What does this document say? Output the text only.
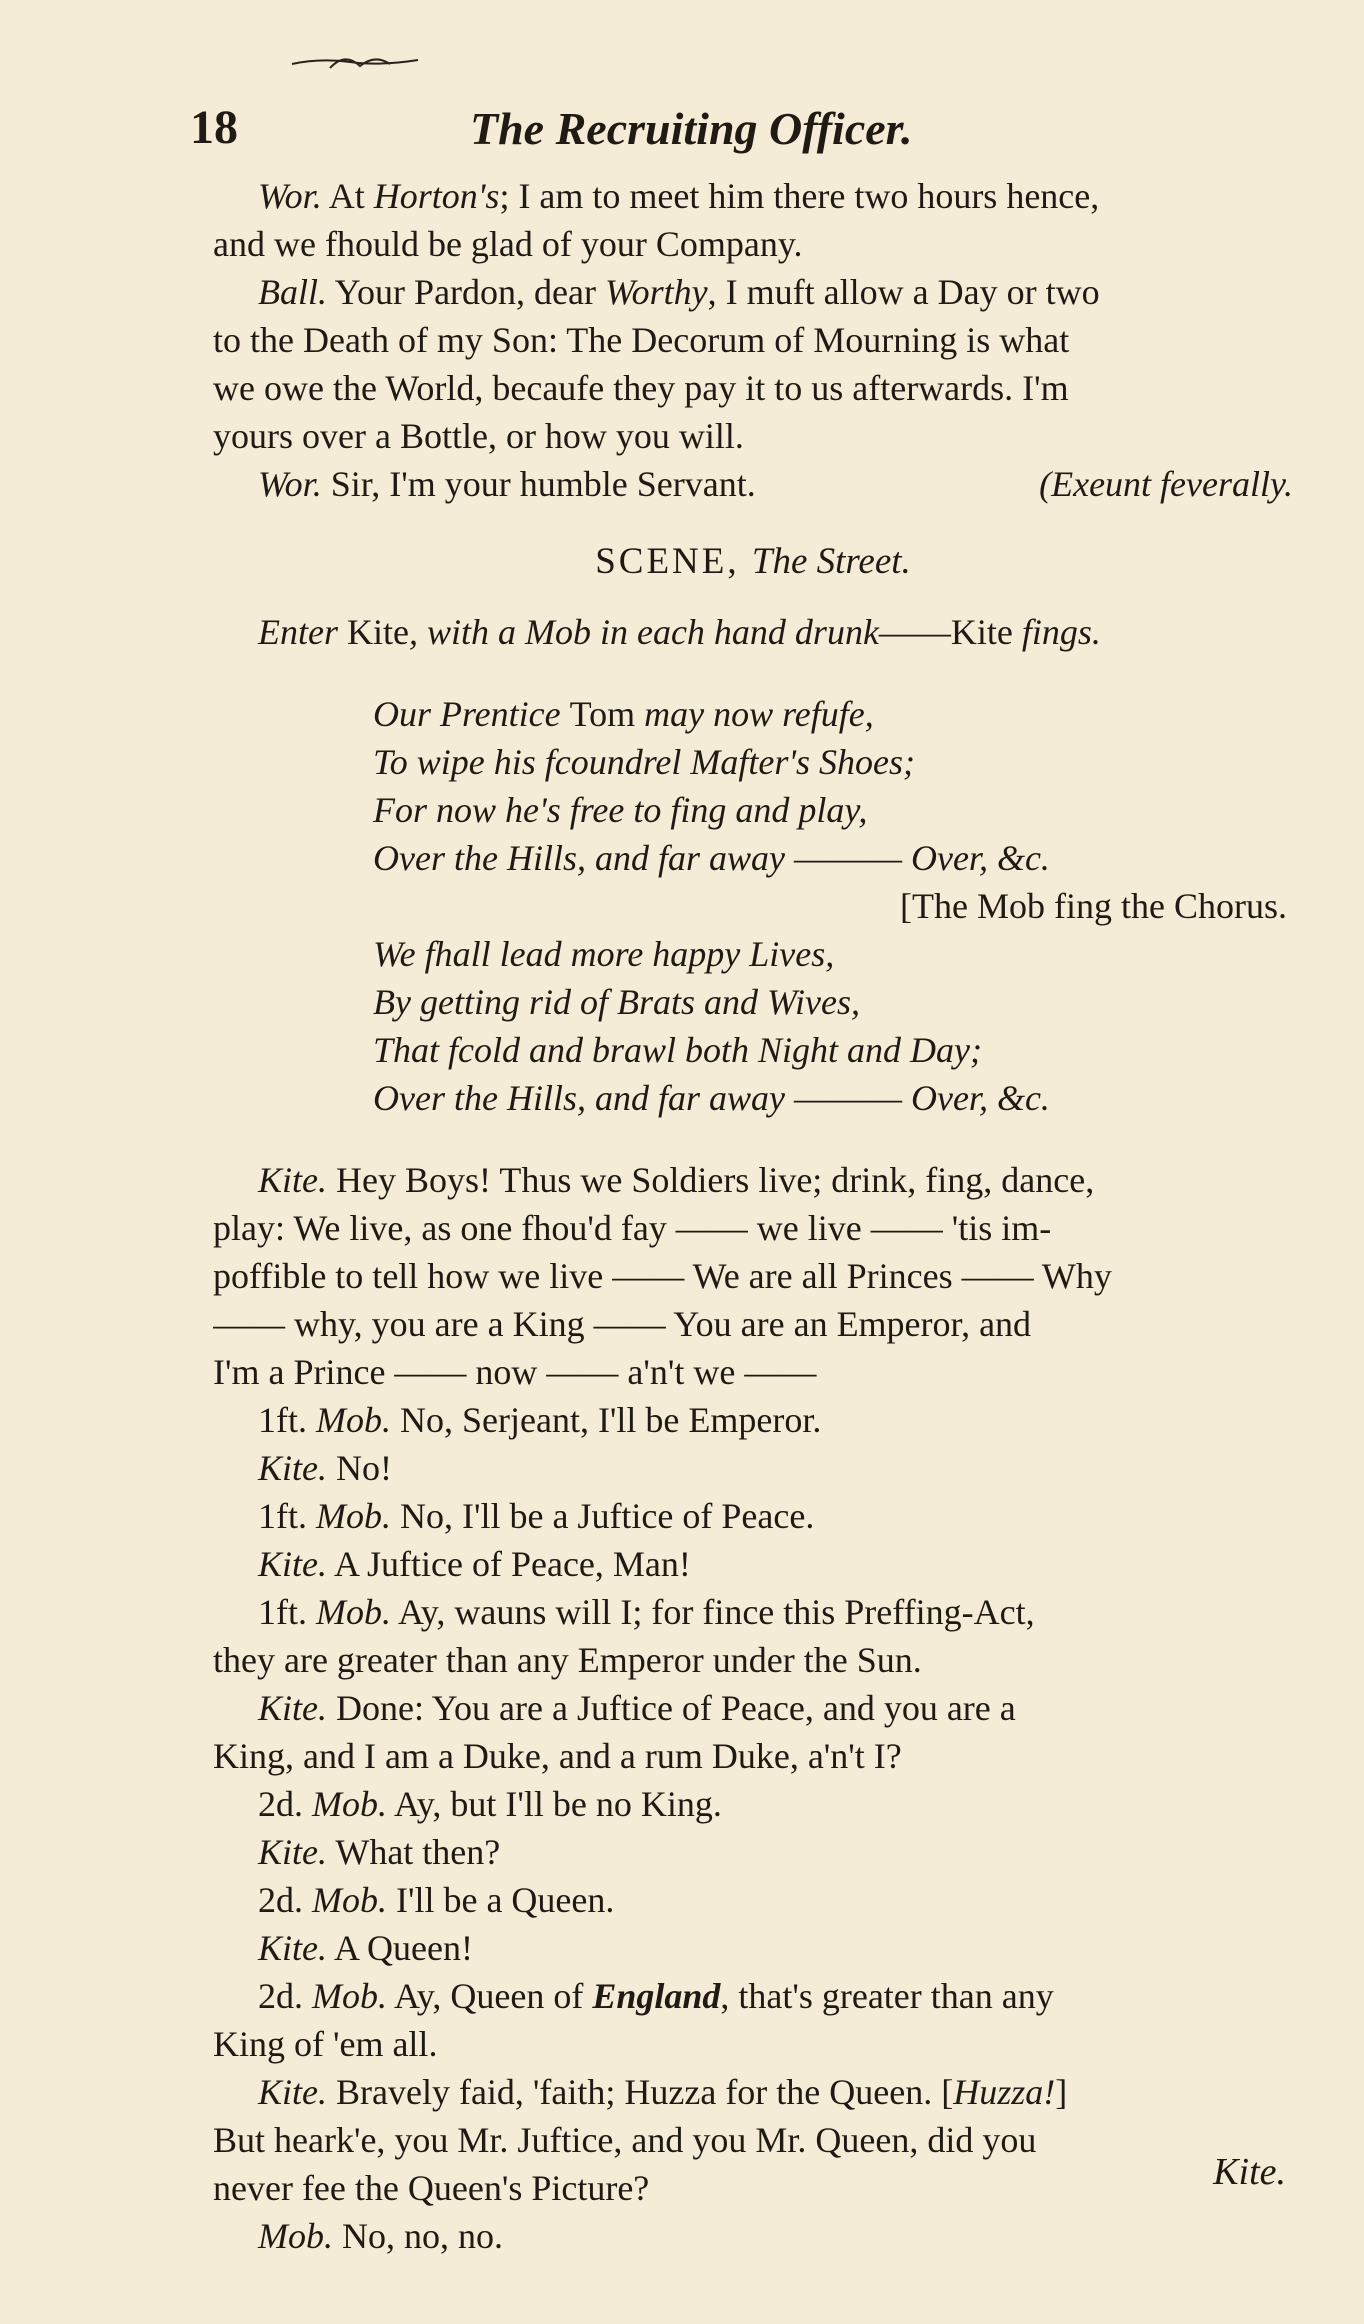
18	The Recruiting Officer.
Wor. At Horton's; I am to meet him there two hours hence,
and we fhould be glad of your Company.
Ball. Your Pardon, dear Worthy, I muft allow a Day or two
to the Death of my Son: The Decorum of Mourning is what
we owe the World, becaufe they pay it to us afterwards. I'm
yours over a Bottle, or how you will.
Wor. Sir, I'm your humble Servant.	(Exeunt feverally.
SCENE, The Street.
Enter Kite, with a Mob in each hand drunk——Kite fings.
Our Prentice Tom may now refufe,
To wipe his fcoundrel Mafter's Shoes;
For now he's free to fing and play,
Over the Hills, and far away ——— Over, &c.
[The Mob fing the Chorus.
We fhall lead more happy Lives,
By getting rid of Brats and Wives,
That fcold and brawl both Night and Day;
Over the Hills, and far away ——— Over, &c.
Kite. Hey Boys! Thus we Soldiers live; drink, fing, dance,
play: We live, as one fhou'd fay —— we live —— 'tis im-
poffible to tell how we live —— We are all Princes —— Why
—— why, you are a King —— You are an Emperor, and
I'm a Prince —— now —— a'n't we ——
1ft. Mob. No, Serjeant, I'll be Emperor.
Kite. No!
1ft. Mob. No, I'll be a Juftice of Peace.
Kite. A Juftice of Peace, Man!
1ft. Mob. Ay, wauns will I; for fince this Preffing-Act,
they are greater than any Emperor under the Sun.
Kite. Done: You are a Juftice of Peace, and you are a
King, and I am a Duke, and a rum Duke, a'n't I?
2d. Mob. Ay, but I'll be no King.
Kite. What then?
2d. Mob. I'll be a Queen.
Kite. A Queen!
2d. Mob. Ay, Queen of England, that's greater than any
King of 'em all.
Kite. Bravely faid, 'faith; Huzza for the Queen. [Huzza!]
But heark'e, you Mr. Juftice, and you Mr. Queen, did you
never fee the Queen's Picture?
Mob. No, no, no.
Kite.
